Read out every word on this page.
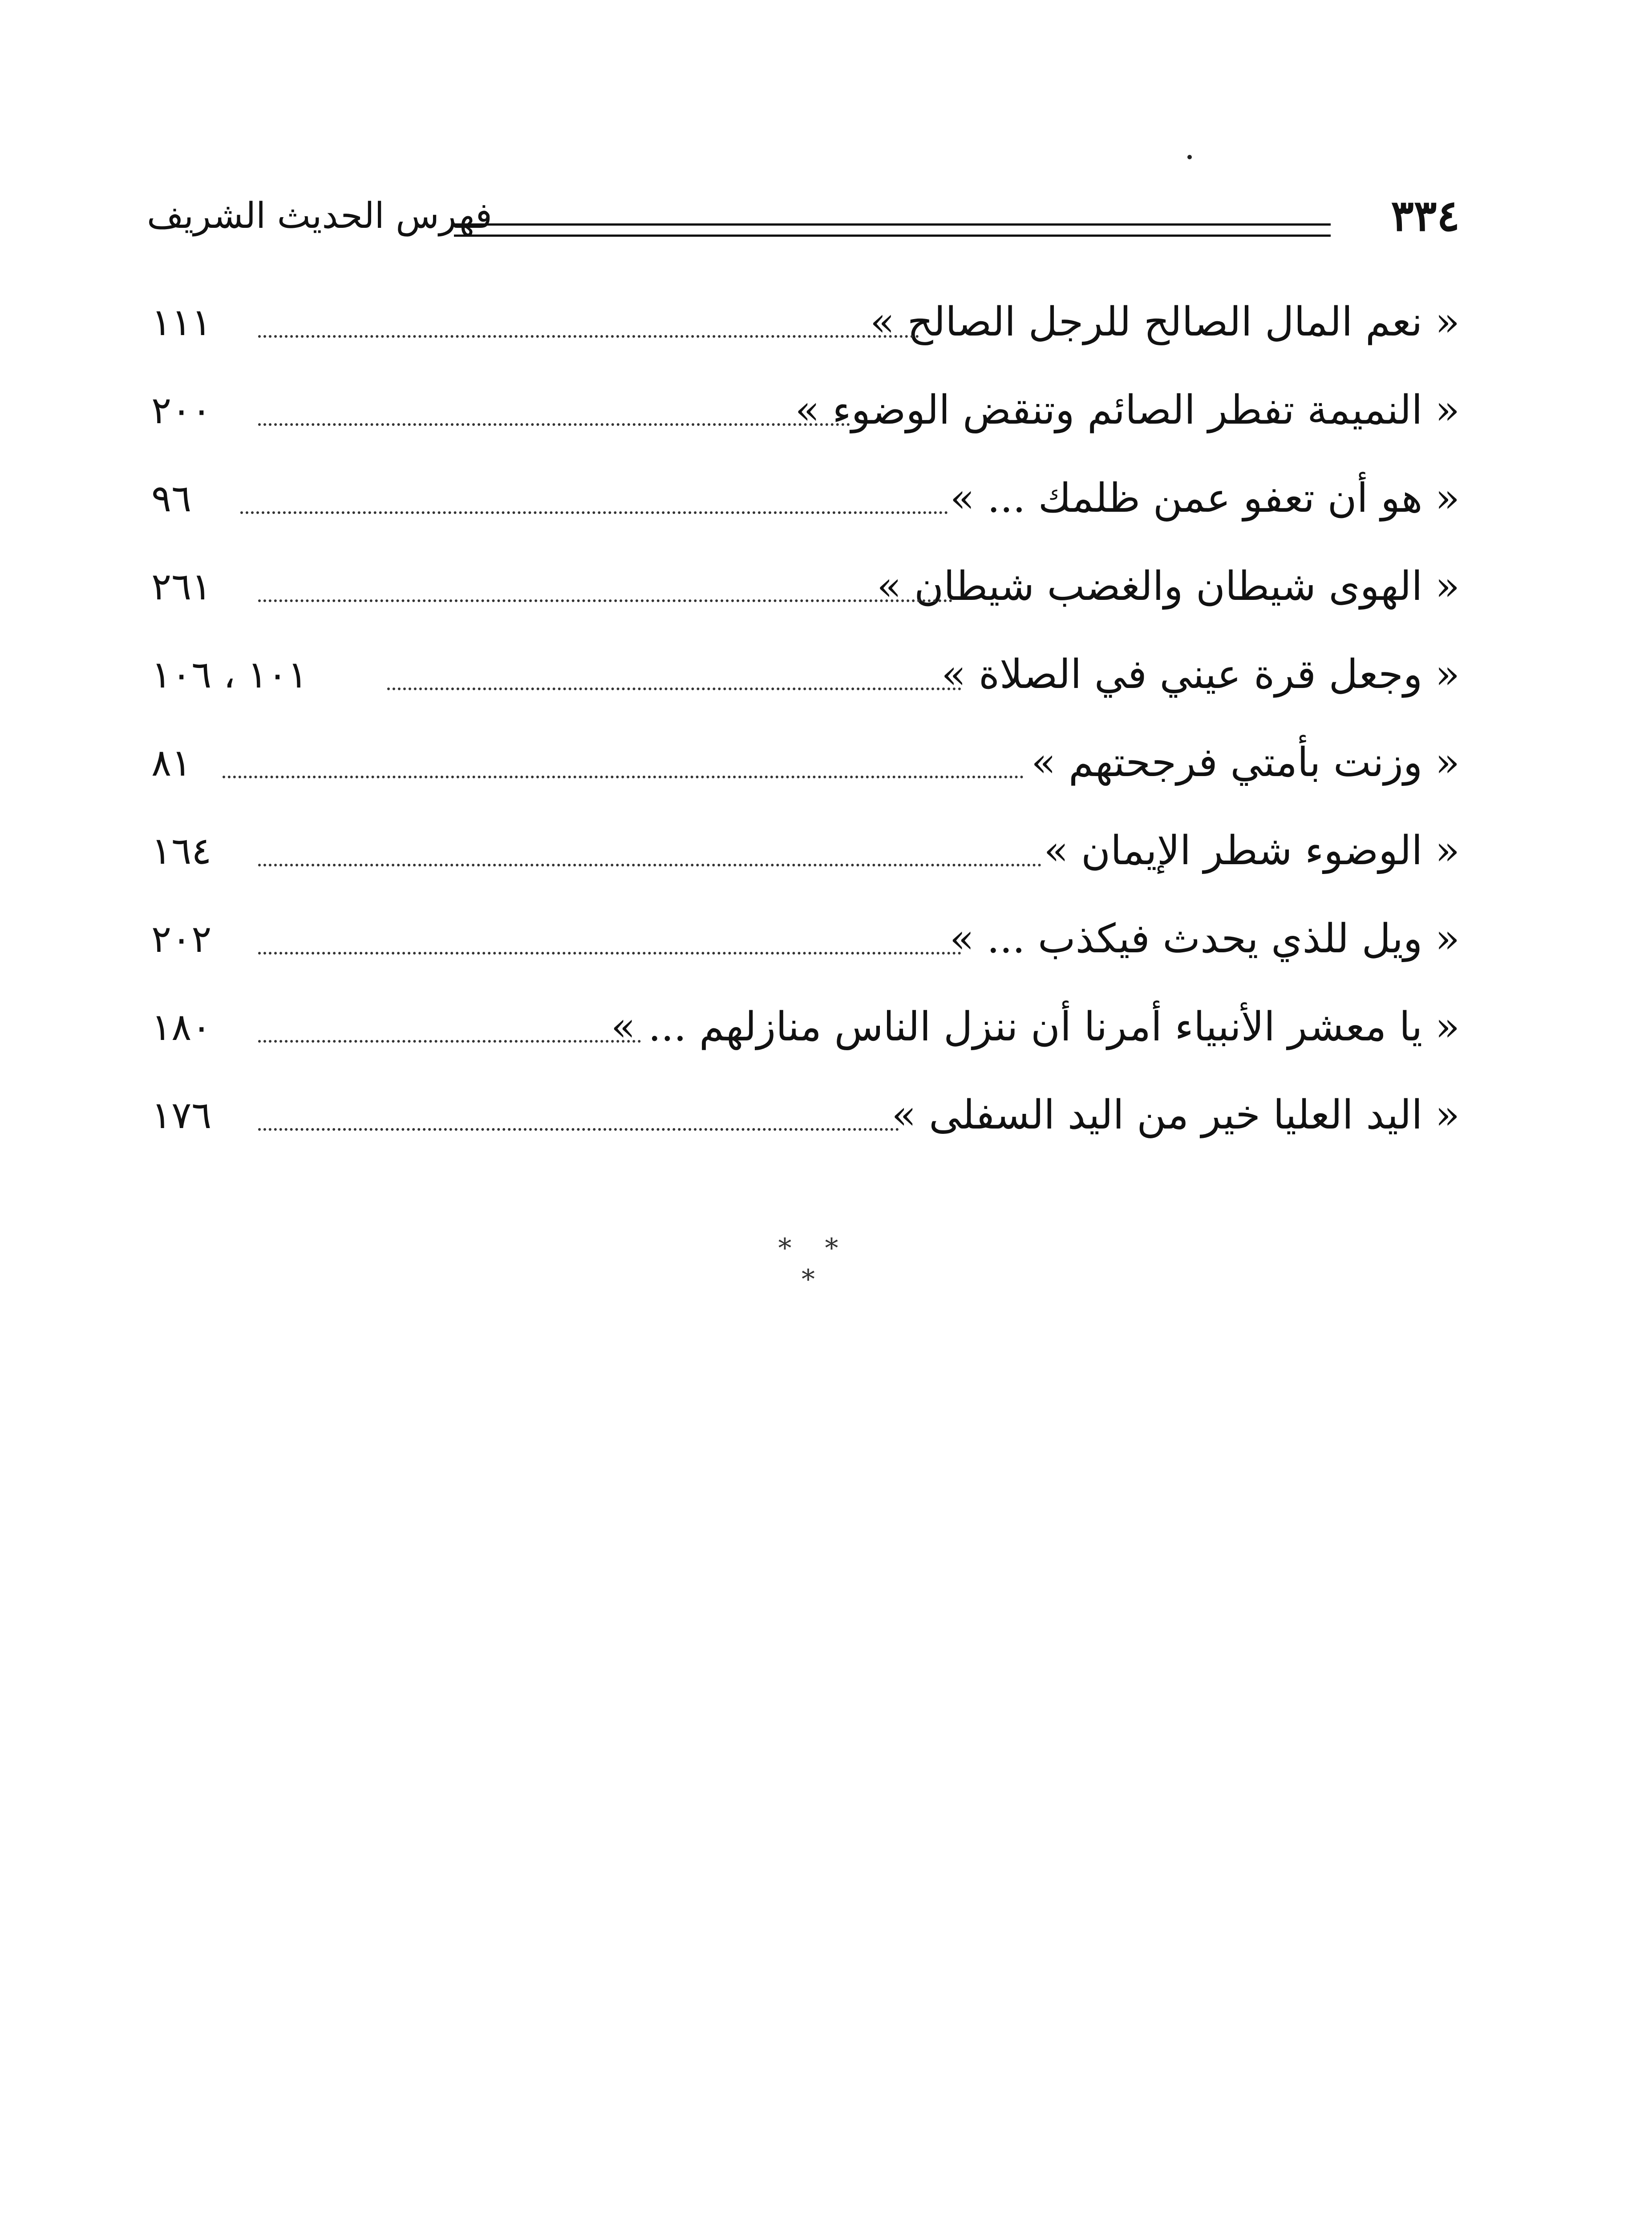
٣٣٤
فهرس الحديث الشريف
« نعم المال الصالح للرجل الصالح »
١١١
« النميمة تفطر الصائم وتنقض الوضوء »
٢٠٠
« هو أن تعفو عمن ظلمك ... »
٩٦
« الهوى شيطان والغضب شيطان »
٢٦١
« وجعل قرة عيني في الصلاة »
١٠١ ، ١٠٦
« وزنت بأمتي فرجحتهم »
٨١
« الوضوء شطر الإيمان »
١٦٤
« ويل للذي يحدث فيكذب ... »
٢٠٢
« يا معشر الأنبياء أمرنا أن ننزل الناس منازلهم ... »
١٨٠
« اليد العليا خير من اليد السفلى »
١٧٦
* * *
